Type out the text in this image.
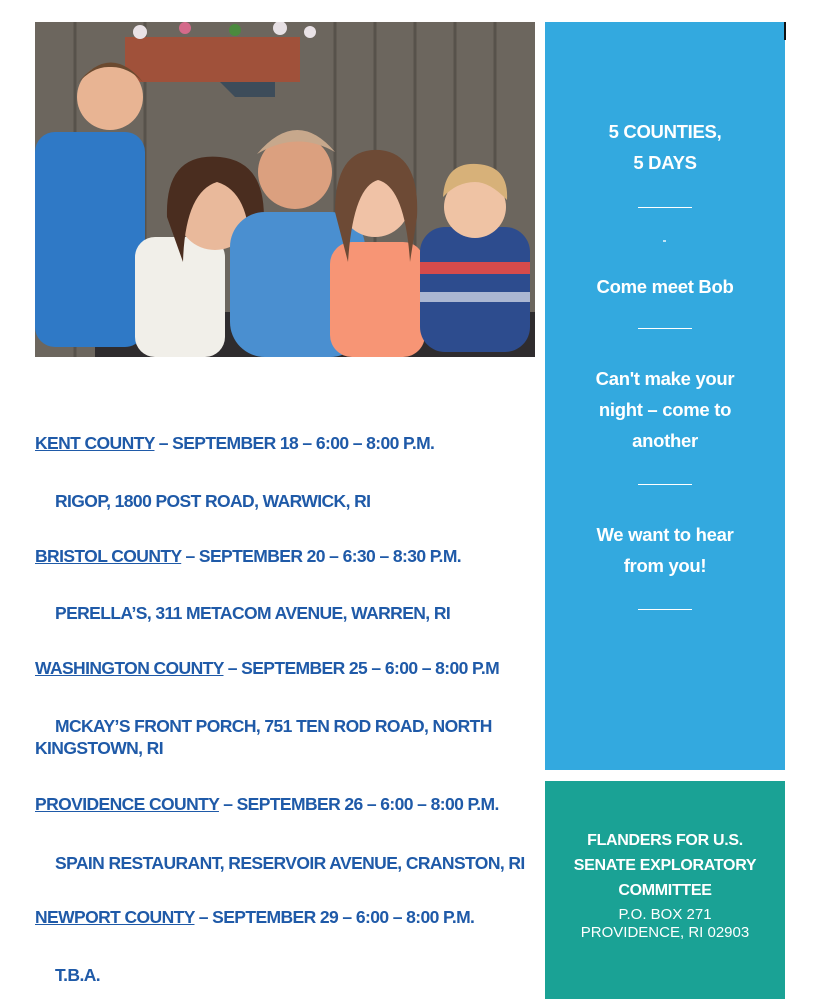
KENT COUNTY – SEPTEMBER 18 – 6:00 – 8:00 P.M.
RIGOP, 1800 POST ROAD, WARWICK, RI
BRISTOL COUNTY – SEPTEMBER 20 – 6:30 – 8:30 P.M.
PERELLA’S, 311 METACOM AVENUE, WARREN, RI
WASHINGTON COUNTY – SEPTEMBER 25 – 6:00 – 8:00 P.M
MCKAY’S FRONT PORCH, 751 TEN ROD ROAD, NORTH KINGSTOWN, RI
PROVIDENCE COUNTY – SEPTEMBER 26 – 6:00 – 8:00 P.M.
SPAIN RESTAURANT, RESERVOIR AVENUE, CRANSTON, RI
NEWPORT COUNTY – SEPTEMBER 29 – 6:00 – 8:00 P.M.
T.B.A.
5 COUNTIES,
5 DAYS
Come meet Bob
Can't make your
night – come to
another
We want to hear
from you!
FLANDERS FOR U.S.
SENATE EXPLORATORY
COMMITTEE
P.O. BOX 271
PROVIDENCE, RI 02903
